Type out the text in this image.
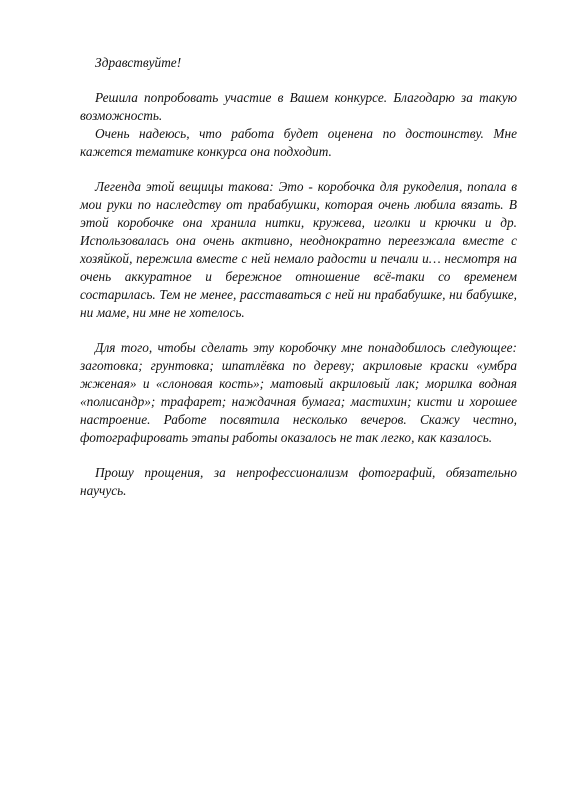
Здравствуйте!

Решила попробовать участие в Вашем конкурсе. Благодарю за такую возможность.

Очень надеюсь, что работа будет оценена по достоинству. Мне кажется тематике конкурса она подходит.

Легенда этой вещицы такова: Это - коробочка для рукоделия, попала в мои руки по наследству от прабабушки, которая очень любила вязать. В этой коробочке она хранила нитки, кружева, иголки и крючки и др. Использовалась она очень активно, неоднократно переезжала вместе с хозяйкой, пережила вместе с ней немало радости и печали и… несмотря на очень аккуратное и бережное отношение всё-таки со временем состарилась. Тем не менее, расставаться с ней ни прабабушке, ни бабушке, ни маме, ни мне не хотелось.

Для того, чтобы сделать эту коробочку мне понадобилось следующее: заготовка; грунтовка; шпатлёвка по дереву; акриловые краски «умбра жженая» и «слоновая кость»; матовый акриловый лак; морилка водная «полисандр»; трафарет; наждачная бумага; мастихин; кисти и хорошее настроение. Работе посвятила несколько вечеров. Скажу честно, фотографировать этапы работы оказалось не так легко, как казалось.

Прошу прощения, за непрофессионализм фотографий, обязательно научусь.
